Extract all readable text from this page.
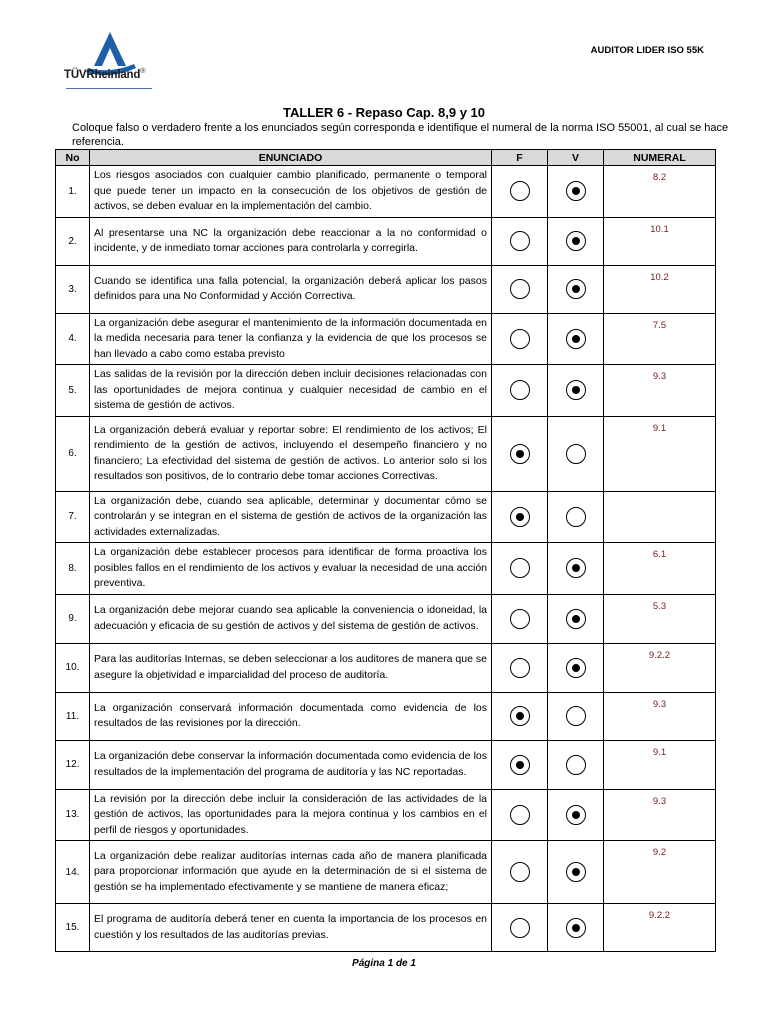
TÜVRheinland®
AUDITOR LIDER ISO 55K
TALLER 6 - Repaso Cap. 8,9 y 10
Coloque falso o verdadero frente a los enunciados según corresponda e identifique el numeral de la norma ISO 55001, al cual se hace referencia.
No	ENUNCIADO	F	V	NUMERAL
1.	Los riesgos asociados con cualquier cambio planificado, permanente o temporal que puede tener un impacto en la consecución de los objetivos de gestión de activos, se deben evaluar en la implementación del cambio.			8.2
2.	Al presentarse una NC la organización debe reaccionar a la no conformidad o incidente, y de inmediato tomar acciones para controlarla y corregirla.			10.1
3.	Cuando se identifica una falla potencial, la organización deberá aplicar los pasos definidos para una No Conformidad y Acción Correctiva.			10.2
4.	La organización debe asegurar el mantenimiento de la información documentada en la medida necesaria para tener la confianza y la evidencia de que los procesos se han llevado a cabo como estaba previsto			7.5
5.	Las salidas de la revisión por la dirección deben incluir decisiones relacionadas con las oportunidades de mejora continua y cualquier necesidad de cambio en el sistema de gestión de activos.			9.3
6.	La organización deberá evaluar y reportar sobre: El rendimiento de los activos; El rendimiento de la gestión de activos, incluyendo el desempeño financiero y no financiero; La efectividad del sistema de gestión de activos. Lo anterior solo si los resultados son positivos, de lo contrario debe tomar acciones Correctivas.			9.1
7.	La organización debe, cuando sea aplicable, determinar y documentar cómo se controlarán y se integran en el sistema de gestión de activos de la organización las actividades externalizadas.			
8.	La organización debe establecer procesos para identificar de forma proactiva los posibles fallos en el rendimiento de los activos y evaluar la necesidad de una acción preventiva.			6.1
9.	La organización debe mejorar cuando sea aplicable la conveniencia o idoneidad, la adecuación y eficacia de su gestión de activos y del sistema de gestión de activos.			5.3
10.	Para las auditorías Internas, se deben seleccionar a los auditores de manera que se asegure la objetividad e imparcialidad del proceso de auditoría.			9.2.2
11.	La organización conservará información documentada como evidencia de los resultados de las revisiones por la dirección.			9.3
12.	La organización debe conservar la información documentada como evidencia de los resultados de la implementación del programa de auditoría y las NC reportadas.			9.1
13.	La revisión por la dirección debe incluir la consideración de las actividades de la gestión de activos, las oportunidades para la mejora continua y los cambios en el perfil de riesgos y oportunidades.			9.3
14.	La organización debe realizar auditorías internas cada año de manera planificada para proporcionar información que ayude en la determinación de si el sistema de gestión se ha implementado efectivamente y se mantiene de manera eficaz;			9.2
15.	El programa de auditoría deberá tener en cuenta la importancia de los procesos en cuestión y los resultados de las auditorías previas.			9.2.2
Página 1 de 1
